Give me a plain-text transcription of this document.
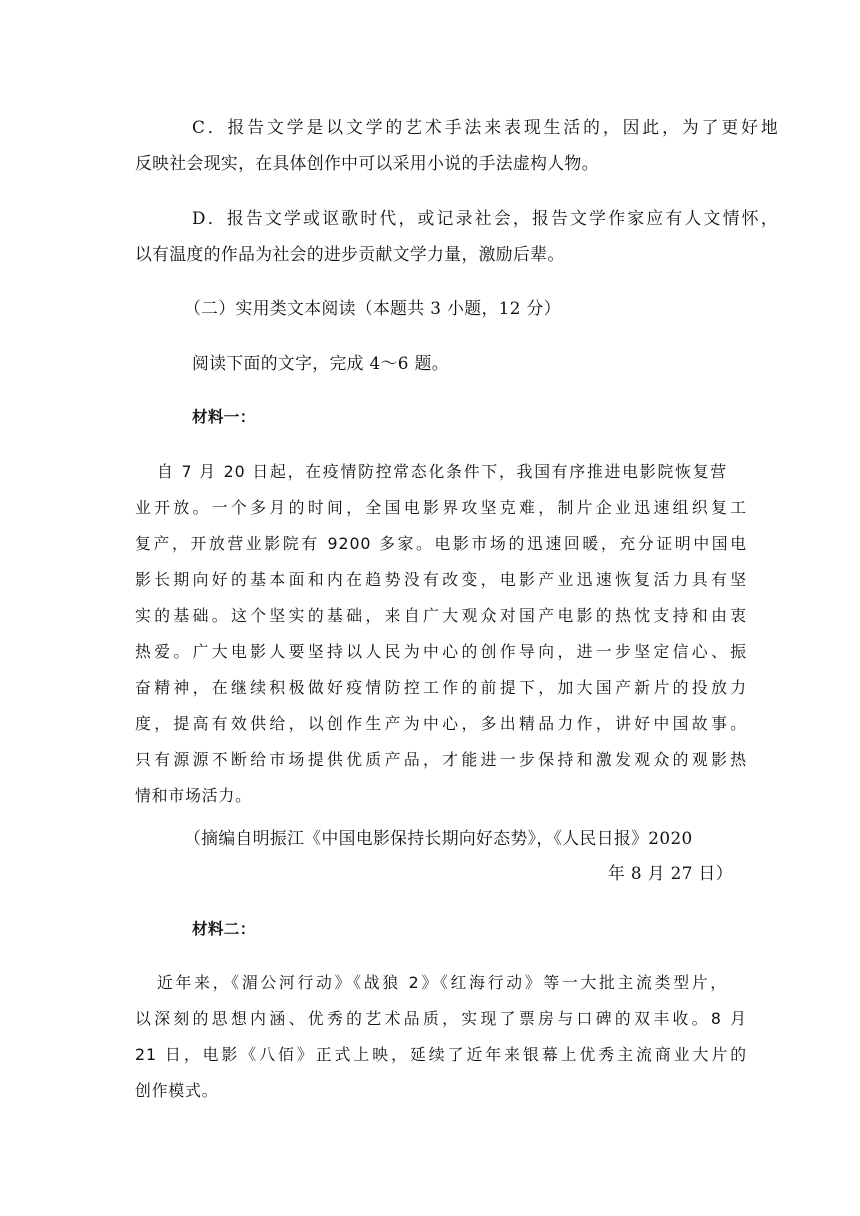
C．报告文学是以文学的艺术手法来表现生活的，因此，为了更好地
反映社会现实，在具体创作中可以采用小说的手法虚构人物。
D．报告文学或讴歌时代，或记录社会，报告文学作家应有人文情怀，
以有温度的作品为社会的进步贡献文学力量，激励后辈。
（二）实用类文本阅读（本题共 3 小题，12 分）
阅读下面的文字，完成 4～6 题。
材料一：
自 7 月 20 日起，在疫情防控常态化条件下，我国有序推进电影院恢复营
业开放。一个多月的时间，全国电影界攻坚克难，制片企业迅速组织复工
复产，开放营业影院有 9200 多家。电影市场的迅速回暖，充分证明中国电
影长期向好的基本面和内在趋势没有改变，电影产业迅速恢复活力具有坚
实的基础。这个坚实的基础，来自广大观众对国产电影的热忱支持和由衷
热爱。广大电影人要坚持以人民为中心的创作导向，进一步坚定信心、振
奋精神，在继续积极做好疫情防控工作的前提下，加大国产新片的投放力
度，提高有效供给，以创作生产为中心，多出精品力作，讲好中国故事。
只有源源不断给市场提供优质产品，才能进一步保持和激发观众的观影热
情和市场活力。
（摘编自明振江《中国电影保持长期向好态势》，《人民日报》2020
年 8 月 27 日）
材料二：
近年来，《湄公河行动》《战狼 2》《红海行动》等一大批主流类型片，
以深刻的思想内涵、优秀的艺术品质，实现了票房与口碑的双丰收。8 月
21 日，电影《八佰》正式上映，延续了近年来银幕上优秀主流商业大片的
创作模式。
